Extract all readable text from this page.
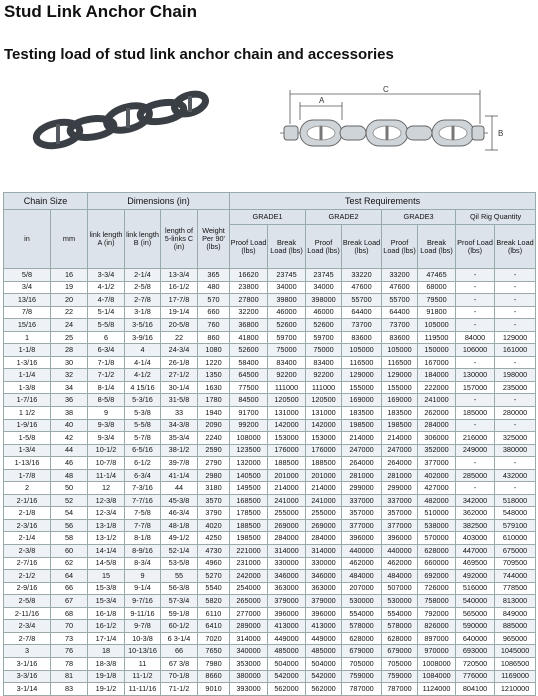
Stud Link Anchor Chain
Testing load of stud link anchor chain and accessories
A
C
B
Chain Size		Dimensions (in)				Test Requirements							
in	mm	link length A (in)	link length B (in)	length of 5-links C (in)	Weight Per 90' (lbs)	GRADE1		GRADE2		GRADE3		Qil Rig Quantity	
						Proof Load (lbs)	Break Load (lbs)	Proof Load (lbs)	Break Load (lbs)	Proof Load (lbs)	Break Load (lbs)	Proof Load (lbs)	Break Load (lbs)
5/8	16	3-3/4	2-1/4	13-3/4	365	16620	23745	23745	33220	33200	47465	-	-
3/4	19	4-1/2	2-5/8	16-1/2	480	23800	34000	34000	47600	47600	68000	-	-
13/16	20	4-7/8	2-7/8	17-7/8	570	27800	39800	398000	55700	55700	79500	-	-
7/8	22	5-1/4	3-1/8	19-1/4	660	32200	46000	46000	64400	64400	91800	-	-
15/16	24	5-5/8	3-5/16	20-5/8	760	36800	52600	52600	73700	73700	105000	-	-
1	25	6	3-9/16	22	860	41800	59700	59700	83600	83600	119500	84000	129000
1-1/8	28	6-3/4	4	24-3/4	1080	52600	75000	75000	105000	105000	150000	106000	161000
1-3/16	30	7-1/8	4-1/4	26-1/8	1220	58400	83400	83400	116500	116500	167000	-	-
1-1/4	32	7-1/2	4-1/2	27-1/2	1350	64500	92200	92200	129000	129000	184000	130000	198000
1-3/8	34	8-1/4	4 15/16	30-1/4	1630	77500	111000	111000	155000	155000	222000	157000	235000
1-7/16	36	8-5/8	5-3/16	31-5/8	1780	84500	120500	120500	169000	169000	241000	-	-
1 1/2	38	9	5-3/8	33	1940	91700	131000	131000	183500	183500	262000	185000	280000
1-9/16	40	9-3/8	5-5/8	34-3/8	2090	99200	142000	142000	198500	198500	284000	-	-
1-5/8	42	9-3/4	5-7/8	35-3/4	2240	108000	153000	153000	214000	214000	306000	216000	325000
1-3/4	44	10-1/2	6-5/16	38-1/2	2590	123500	176000	176000	247000	247000	352000	249000	380000
1-13/16	46	10-7/8	6-1/2	39-7/8	2790	132000	188500	188500	264000	264000	377000	-	-
1-7/8	48	11-1/4	6-3/4	41-1/4	2980	140500	201000	201000	281000	281000	402000	285000	432000
2	50	12	7-3/16	44	3180	149500	214000	214000	299000	299000	427000	-	-
2-1/16	52	12-3/8	7-7/16	45-3/8	3570	168500	241000	241000	337000	337000	482000	342000	518000
2-1/8	54	12-3/4	7-5/8	46-3/4	3790	178500	255000	255000	357000	357000	510000	362000	548000
2-3/16	56	13-1/8	7-7/8	48-1/8	4020	188500	269000	269000	377000	377000	538000	382500	579100
2-1/4	58	13-1/2	8-1/8	49-1/2	4250	198500	284000	284000	396000	396000	570000	403000	610000
2-3/8	60	14-1/4	8-9/16	52-1/4	4730	221000	314000	314000	440000	440000	628000	447000	675000
2-7/16	62	14-5/8	8-3/4	53-5/8	4960	231000	330000	330000	462000	462000	660000	469500	709500
2-1/2	64	15	9	55	5270	242000	346000	346000	484000	484000	692000	492000	744000
2-9/16	66	15-3/8	9-1/4	56-3/8	5540	254000	363000	363000	207000	507000	726000	516000	778500
2-5/8	67	15-3/4	9-7/16	57-3/4	5820	265000	379000	379000	530000	530000	758000	540000	813000
2-11/16	68	16-1/8	9-11/16	59-1/8	6110	277000	396000	396000	554000	554000	792000	565000	849000
2-3/4	70	16-1/2	9-7/8	60-1/2	6410	289000	413000	413000	578000	578000	826000	590000	885000
2-7/8	73	17-1/4	10-3/8	6 3-1/4	7020	314000	449000	449000	628000	628000	897000	640000	965000
3	76	18	10-13/16	66	7650	340000	485000	485000	679000	679000	970000	693000	1045000
3-1/16	78	18-3/8	11	67 3/8	7980	353000	504000	504000	705000	705000	1008000	720500	1086500
3-3/16	81	19-1/8	11-1/2	70-1/8	8660	380000	542000	542000	759000	759000	1084000	776000	1169000
3-1/14	83	19-1/2	11-11/16	71-1/2	9010	393000	562000	562000	787000	787000	1124000	804100	1210000
